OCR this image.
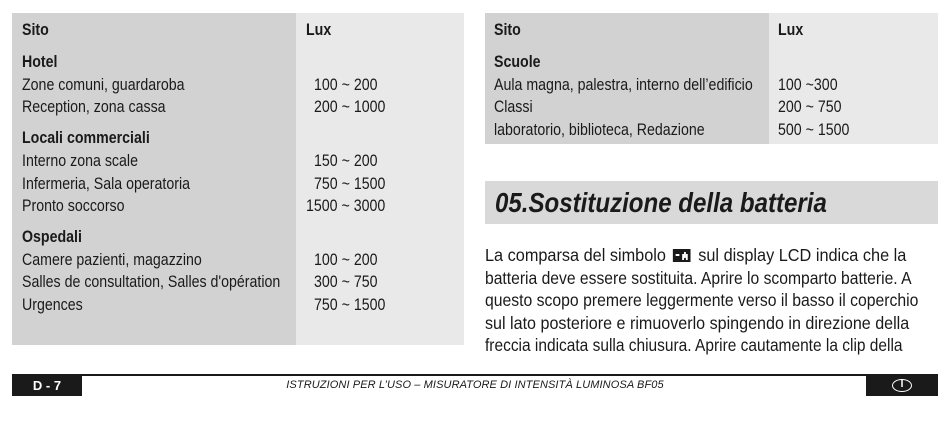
Sito	Lux
Hotel
Zone comuni, guardaroba	100 ~ 200
Reception, zona cassa	200 ~ 1000
Locali commerciali
Interno zona scale	150 ~ 200
Infermeria, Sala operatoria	750 ~ 1500
Pronto soccorso	1500 ~ 3000
Ospedali
Camere pazienti, magazzino	100 ~ 200
Salles de consultation, Salles d'opération 300 ~ 750
Urgences	750 ~ 1500
Sito	Lux
Scuole
Aula magna, palestra, interno dell’edificio 100 ~300
Classi	200 ~ 750
laboratorio, biblioteca, Redazione	500 ~ 1500
05.Sostituzione della batteria
La comparsa del simbolo sul display LCD indica che la
batteria deve essere sostituita. Aprire lo scomparto batterie. A
questo scopo premere leggermente verso il basso il coperchio
sul lato posteriore e rimuoverlo spingendo in direzione della
freccia indicata sulla chiusura. Aprire cautamente la clip della
D - 7	ISTRUZIONI PER L’USO – MISURATORE DI INTENSITÀ LUMINOSA BF05	I
